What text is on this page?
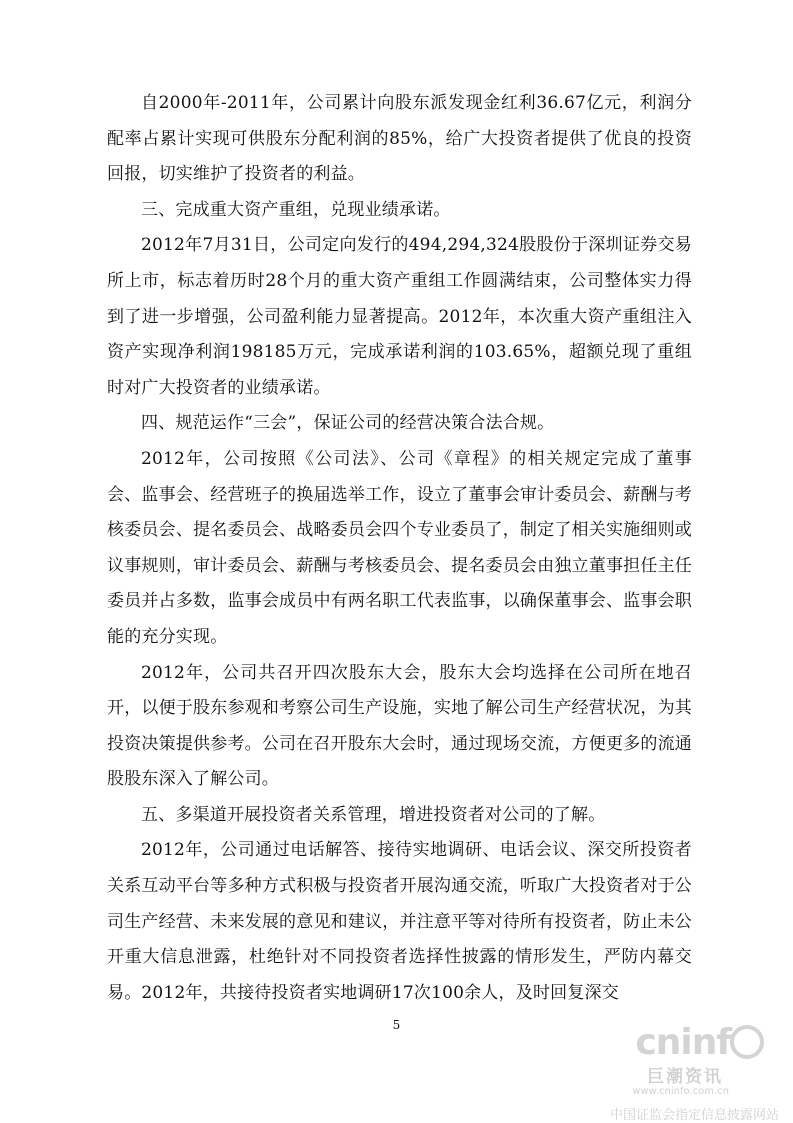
自2000年-2011年，公司累计向股东派发现金红利36.67亿元，利润分配率占累计实现可供股东分配利润的85%，给广大投资者提供了优良的投资回报，切实维护了投资者的利益。

三、完成重大资产重组，兑现业绩承诺。

2012年7月31日，公司定向发行的494,294,324股股份于深圳证券交易所上市，标志着历时28个月的重大资产重组工作圆满结束，公司整体实力得到了进一步增强，公司盈利能力显著提高。2012年，本次重大资产重组注入资产实现净利润198185万元，完成承诺利润的103.65%，超额兑现了重组时对广大投资者的业绩承诺。

四、规范运作“三会”，保证公司的经营决策合法合规。

2012年，公司按照《公司法》、公司《章程》的相关规定完成了董事会、监事会、经营班子的换届选举工作，设立了董事会审计委员会、薪酬与考核委员会、提名委员会、战略委员会四个专业委员了，制定了相关实施细则或议事规则，审计委员会、薪酬与考核委员会、提名委员会由独立董事担任主任委员并占多数，监事会成员中有两名职工代表监事，以确保董事会、监事会职能的充分实现。

2012年，公司共召开四次股东大会，股东大会均选择在公司所在地召开，以便于股东参观和考察公司生产设施，实地了解公司生产经营状况，为其投资决策提供参考。公司在召开股东大会时，通过现场交流，方便更多的流通股股东深入了解公司。

五、多渠道开展投资者关系管理，增进投资者对公司的了解。

2012年，公司通过电话解答、接待实地调研、电话会议、深交所投资者关系互动平台等多种方式积极与投资者开展沟通交流，听取广大投资者对于公司生产经营、未来发展的意见和建议，并注意平等对待所有投资者，防止未公开重大信息泄露，杜绝针对不同投资者选择性披露的情形发生，严防内幕交易。2012年，共接待投资者实地调研17次100余人，及时回复深交

5	cninf
巨潮资讯
www.cninfo.com.cn
中国证监会指定信息披露网站
